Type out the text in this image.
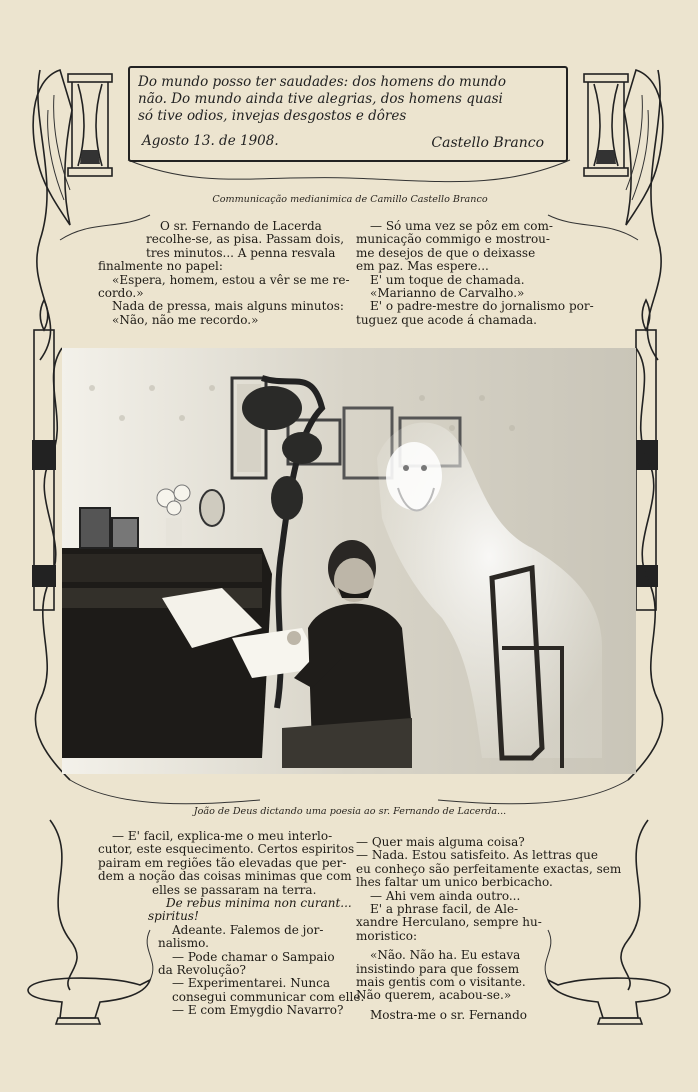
Do mundo posso ter saudades: dos homens do mundo
não. Do mundo ainda tive alegrias, dos homens quasi
só tive odios, invejas desgostos e dôres
Agosto 13. de 1908.	Castello Branco
Communicação medianimica de Camillo Castello Branco

O sr. Fernando de Lacerda

recolhe-se, as pisa. Passam dois,

tres minutos... A penna resvala

finalmente no papel:

«Espera, homem, estou a vêr se me re-

cordo.»

Nada de pressa, mais alguns minutos:

«Não, não me recordo.»

— Só uma vez se pôz em com-

municação commigo e mostrou-

me desejos de que o deixasse

em paz. Mas espere...

E' um toque de chamada.

«Marianno de Carvalho.»

E' o padre-mestre do jornalismo por-

tuguez que acode á chamada.

João de Deus dictando uma poesia ao sr. Fernando de Lacerda...

— E' facil, explica-me o meu interlo-

cutor, este esquecimento. Certos espiritos

pairam em regiões tão elevadas que per-

dem a noção das coisas minimas que com

elles se passaram na terra.

De rebus minima non curant...

spiritus!

Adeante. Falemos de jor-

nalismo.

— Pode chamar o Sampaio

da Revolução?

— Experimentarei. Nunca

consegui communicar com elle.

— E com Emygdio Navarro?

— Quer mais alguma coisa?

— Nada. Estou satisfeito. As lettras que

eu conheço são perfeitamente exactas, sem

lhes faltar um unico berbicacho.

— Ahi vem ainda outro...

E' a phrase facil, de Ale-

xandre Herculano, sempre hu-

moristico:

«Não. Não ha. Eu estava

insistindo para que fossem

mais gentis com o visitante.

Não querem, acabou-se.»

Mostra-me o sr. Fernando
